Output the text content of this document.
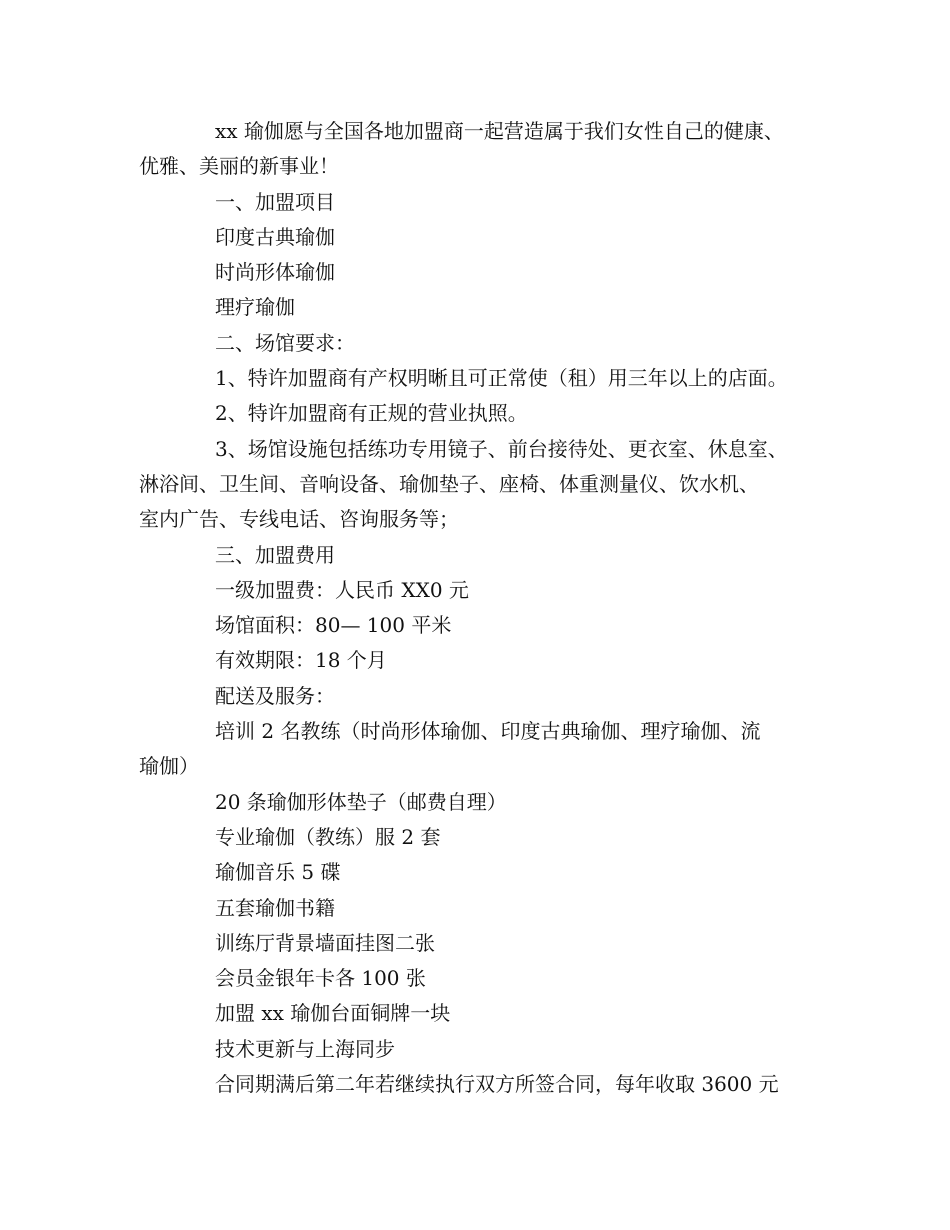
xx 瑜伽愿与全国各地加盟商一起营造属于我们女性自己的健康、
优雅、美丽的新事业！
一、加盟项目
印度古典瑜伽
时尚形体瑜伽
理疗瑜伽
二、场馆要求：
1、特许加盟商有产权明晰且可正常使（租）用三年以上的店面。
2、特许加盟商有正规的营业执照。
3、场馆设施包括练功专用镜子、前台接待处、更衣室、休息室、
淋浴间、卫生间、音响设备、瑜伽垫子、座椅、体重测量仪、饮水机、
室内广告、专线电话、咨询服务等；
三、加盟费用
一级加盟费：人民币 XX0 元
场馆面积：80— 100 平米
有效期限：18 个月
配送及服务：
培训 2 名教练（时尚形体瑜伽、印度古典瑜伽、理疗瑜伽、流
瑜伽）
20 条瑜伽形体垫子（邮费自理）
专业瑜伽（教练）服 2 套
瑜伽音乐 5 碟
五套瑜伽书籍
训练厅背景墙面挂图二张
会员金银年卡各 100 张
加盟 xx 瑜伽台面铜牌一块
技术更新与上海同步
合同期满后第二年若继续执行双方所签合同，每年收取 3600 元
